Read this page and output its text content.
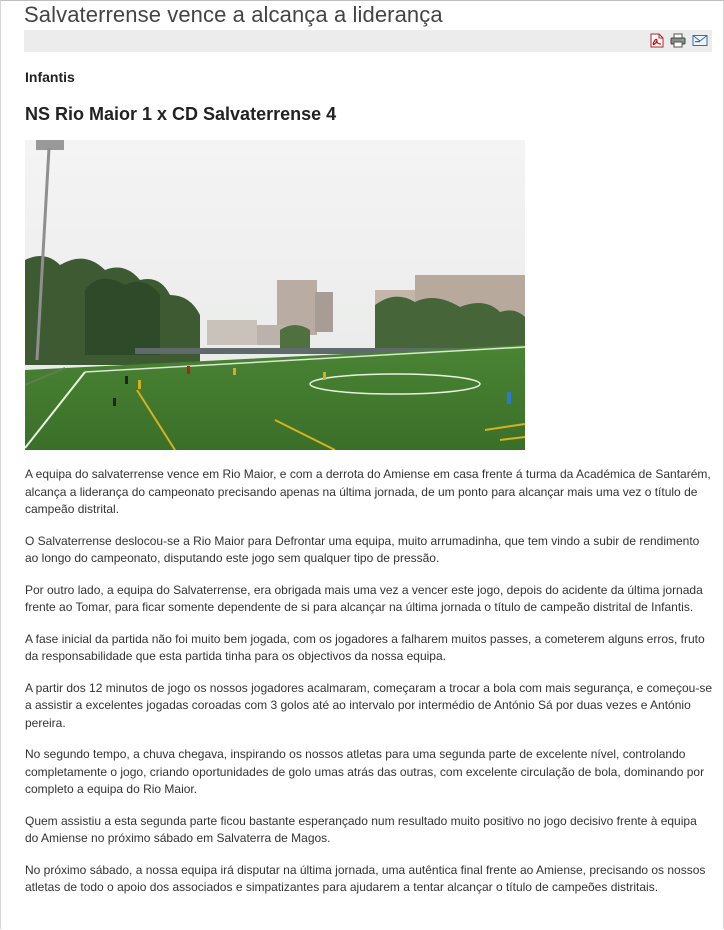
Salvaterrense vence a alcança a liderança
Infantis
NS Rio Maior 1 x CD Salvaterrense 4

A equipa do salvaterrense vence em Rio Maior, e com a derrota do Amiense em casa frente á turma da Académica de Santarém, alcança a liderança do campeonato precisando apenas na última jornada, de um ponto para alcançar mais uma vez o título de campeão distrital.

O Salvaterrense deslocou-se a Rio Maior para Defrontar uma equipa, muito arrumadinha, que tem vindo a subir de rendimento ao longo do campeonato, disputando este jogo sem qualquer tipo de pressão.

Por outro lado, a equipa do Salvaterrense, era obrigada mais uma vez a vencer este jogo, depois do acidente da última jornada frente ao Tomar, para ficar somente dependente de si para alcançar na última jornada o título de campeão distrital de Infantis.

A fase inicial da partida não foi muito bem jogada, com os jogadores a falharem muitos passes, a cometerem alguns erros, fruto da responsabilidade que esta partida tinha para os objectivos da nossa equipa.

A partir dos 12 minutos de jogo os nossos jogadores acalmaram, começaram a trocar a bola com mais segurança, e começou-se a assistir a excelentes jogadas coroadas com 3 golos até ao intervalo por intermédio de António Sá por duas vezes e António pereira.

No segundo tempo, a chuva chegava, inspirando os nossos atletas para uma segunda parte de excelente nível, controlando completamente o jogo, criando oportunidades de golo umas atrás das outras, com excelente circulação de bola, dominando por completo a equipa do Rio Maior.

Quem assistiu a esta segunda parte ficou bastante esperançado num resultado muito positivo no jogo decisivo frente à equipa do Amiense no próximo sábado em Salvaterra de Magos.

No próximo sábado, a nossa equipa irá disputar na última jornada, uma autêntica final frente ao Amiense, precisando os nossos atletas de todo o apoio dos associados e simpatizantes para ajudarem a tentar alcançar o título de campeões distritais.
